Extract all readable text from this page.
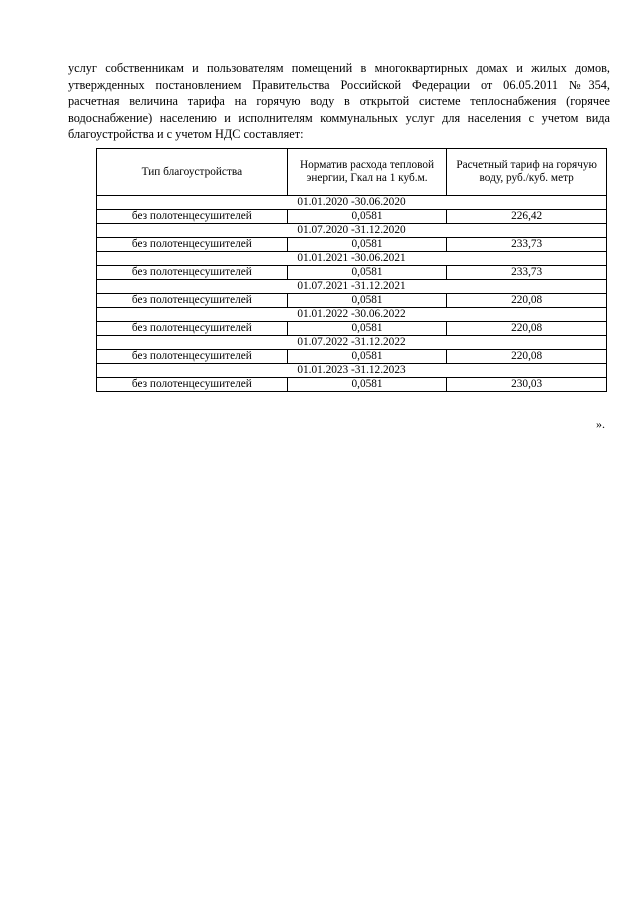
услуг собственникам и пользователям помещений в многоквартирных домах и жилых домов,
утвержденных постановлением Правительства Российской Федерации от 06.05.2011 №354,
расчетная величина тарифа на горячую воду в открытой системе теплоснабжения (горячее
водоснабжение) населению и исполнителям коммунальных услуг для населения с учетом вида
благоустройства и с учетом НДС составляет:
Тип благоустройства	Норматив расхода тепловой энергии, Гкал на 1 куб.м.	Расчетный тариф на горячую воду, руб./куб. метр
01.01.2020 -30.06.2020		
без полотенцесушителей	0,0581	226,42
01.07.2020 -31.12.2020		
без полотенцесушителей	0,0581	233,73
01.01.2021 -30.06.2021		
без полотенцесушителей	0,0581	233,73
01.07.2021 -31.12.2021		
без полотенцесушителей	0,0581	220,08
01.01.2022 -30.06.2022		
без полотенцесушителей	0,0581	220,08
01.07.2022 -31.12.2022		
без полотенцесушителей	0,0581	220,08
01.01.2023 -31.12.2023		
без полотенцесушителей	0,0581	230,03

».
